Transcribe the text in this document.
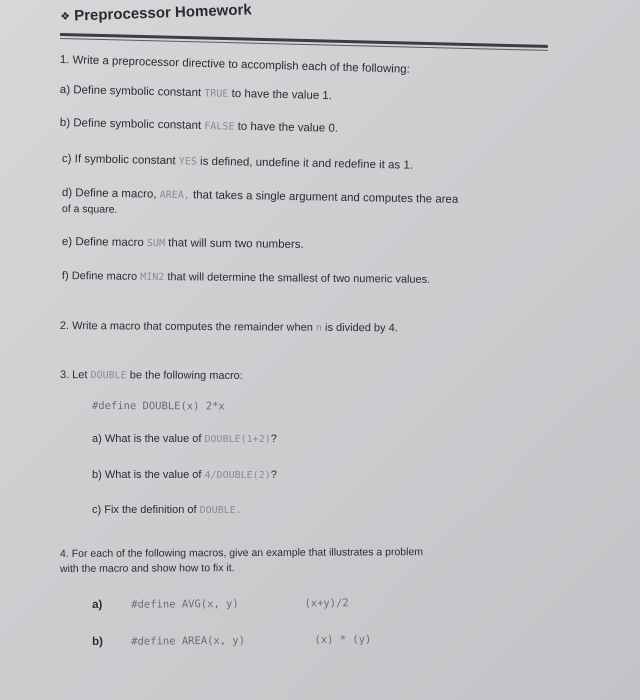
❖ Preprocessor Homework
1. Write a preprocessor directive to accomplish each of the following:
a) Define symbolic constant TRUE to have the value 1.
b) Define symbolic constant FALSE to have the value 0.
c) If symbolic constant YES is defined, undefine it and redefine it as 1.
d) Define a macro, AREA, that takes a single argument and computes the area
of a square.
e) Define macro SUM that will sum two numbers.
f) Define macro MIN2 that will determine the smallest of two numeric values.
2. Write a macro that computes the remainder when n is divided by 4.
3. Let DOUBLE be the following macro:
#define DOUBLE(x) 2*x
a) What is the value of DOUBLE(1+2)?
b) What is the value of 4/DOUBLE(2)?
c) Fix the definition of DOUBLE.
4. For each of the following macros, give an example that illustrates a problem
with the macro and show how to fix it.
a)	#define AVG(x, y)	(x+y)/2
b)	#define AREA(x, y)	(x) * (y)
